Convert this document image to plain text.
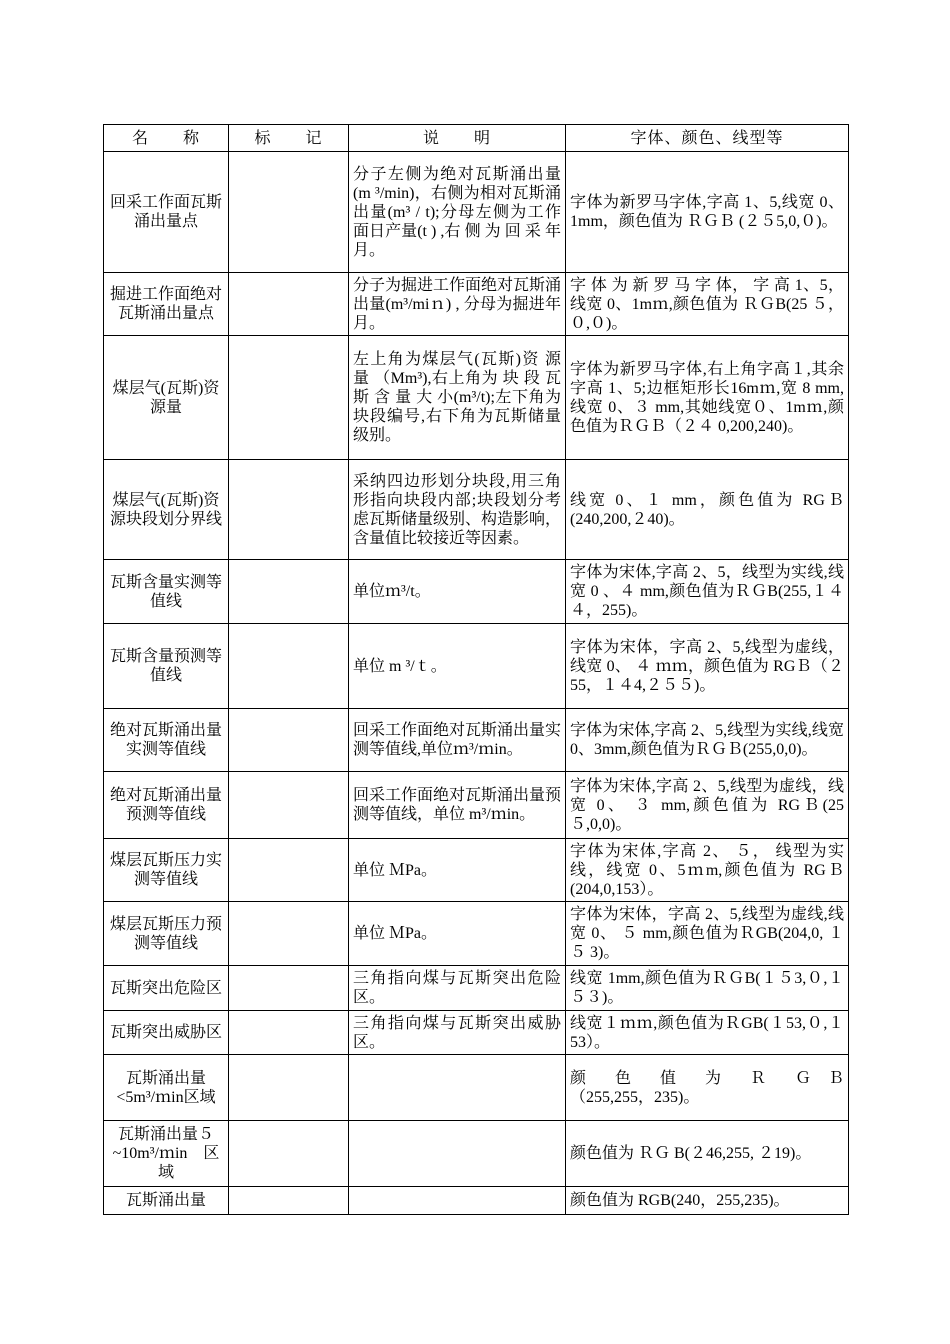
名　　称	标　　记	说　　明	字体、颜色、线型等
回采工作面瓦斯涌出量点		分子左侧为绝对瓦斯涌出量(m ³/min)，右侧为相对瓦斯涌出量(m³ / t);分母左侧为工作面日产量(t ) ,右 侧 为 回 采 年月。	字体为新罗马字体,字高 1、5,线宽 0、1mm，颜色值为 ＲＧＢ (２５5,0,０)。
掘进工作面绝对瓦斯涌出量点		分子为掘进工作面绝对瓦斯涌出量(m³/miｎ) , 分母为掘进年月。	字 体 为 新 罗 马 字 体， 字 高 1、5，线宽 0、1mｍ,颜色值为 ＲＧB(25 ５， ０,０)。
煤层气(瓦斯)资源量		左上角为煤层气(瓦斯)资 源 量 （Mm³),右上角为 块 段 瓦 斯 含 量 大 小(m³/t);左下角为块段编号,右下角为瓦斯储量级别。	字体为新罗马字体,右上角字高１,其余字高 1、5;边框矩形长16mｍ,宽 8 mm,线宽 0、３ mm,其她线宽０、1mｍ,颜色值为ＲＧＢ（２４ 0,200,240)。
煤层气(瓦斯)资源块段划分界线		采纳四边形划分块段,用三角形指向块段内部;块段划分考虑瓦斯储量级别、构造影响，含量值比较接近等因素。	线宽 0、１ mm，颜色值为 RGＢ(240,200,２40)。
瓦斯含量实测等值线		单位ｍ³/t。	字体为宋体,字高 2、5，线型为实线,线宽 0 、４ mm,颜色值为ＲＧB(255,１４４，255)。
瓦斯含量预测等值线		单位 m ³/ｔ。	字体为宋体，字高 2、5,线型为虚线，线宽 0、 ４ ｍｍ，颜色值为 RGＢ（２55，１４4,２５５)。
绝对瓦斯涌出量实测等值线		回采工作面绝对瓦斯涌出量实测等值线,单位ｍ³/ｍin。	字体为宋体,字高 2、5,线型为实线,线宽 0、3mm,颜色值为ＲＧＢ(255,0,0)。
绝对瓦斯涌出量预测等值线		回采工作面绝对瓦斯涌出量预测等值线，单位 m³/ｍin。	字体为宋体,字高 2、5,线型为虚线，线宽 0、 ３ mm,颜色值为 RGＢ(25 ５,0,0)。
煤层瓦斯压力实测等值线		单位 ＭPa。	字体为宋体,字高 2、 ５， 线型为实线，线宽 0、5ｍm,颜色值为 RGＢ(204,0,153）。
煤层瓦斯压力预测等值线		单位 ＭPa。	字体为宋体，字高 2、5,线型为虚线,线宽 0、 ５ mm,颜色值为ＲGB(204,0, １５ 3)。
瓦斯突出危险区		三角指向煤与瓦斯突出危险区。	线宽 1mm,颜色值为ＲＧB(１５3,０,１５３)。
瓦斯突出威胁区		三角指向煤与瓦斯突出威胁区。	线宽１ｍｍ,颜色值为ＲGB(１53,０,１53）。
瓦斯涌出量<5m³/ｍin区域			颜　色　值　为　Ｒ　Ｇ Ｂ（255,255，235)。
瓦斯涌出量５~10m³/ｍin　区域			颜色值为 ＲＧ B(２46,255, ２19)。
瓦斯涌出量			颜色值为 RGB(240，255,235)。
